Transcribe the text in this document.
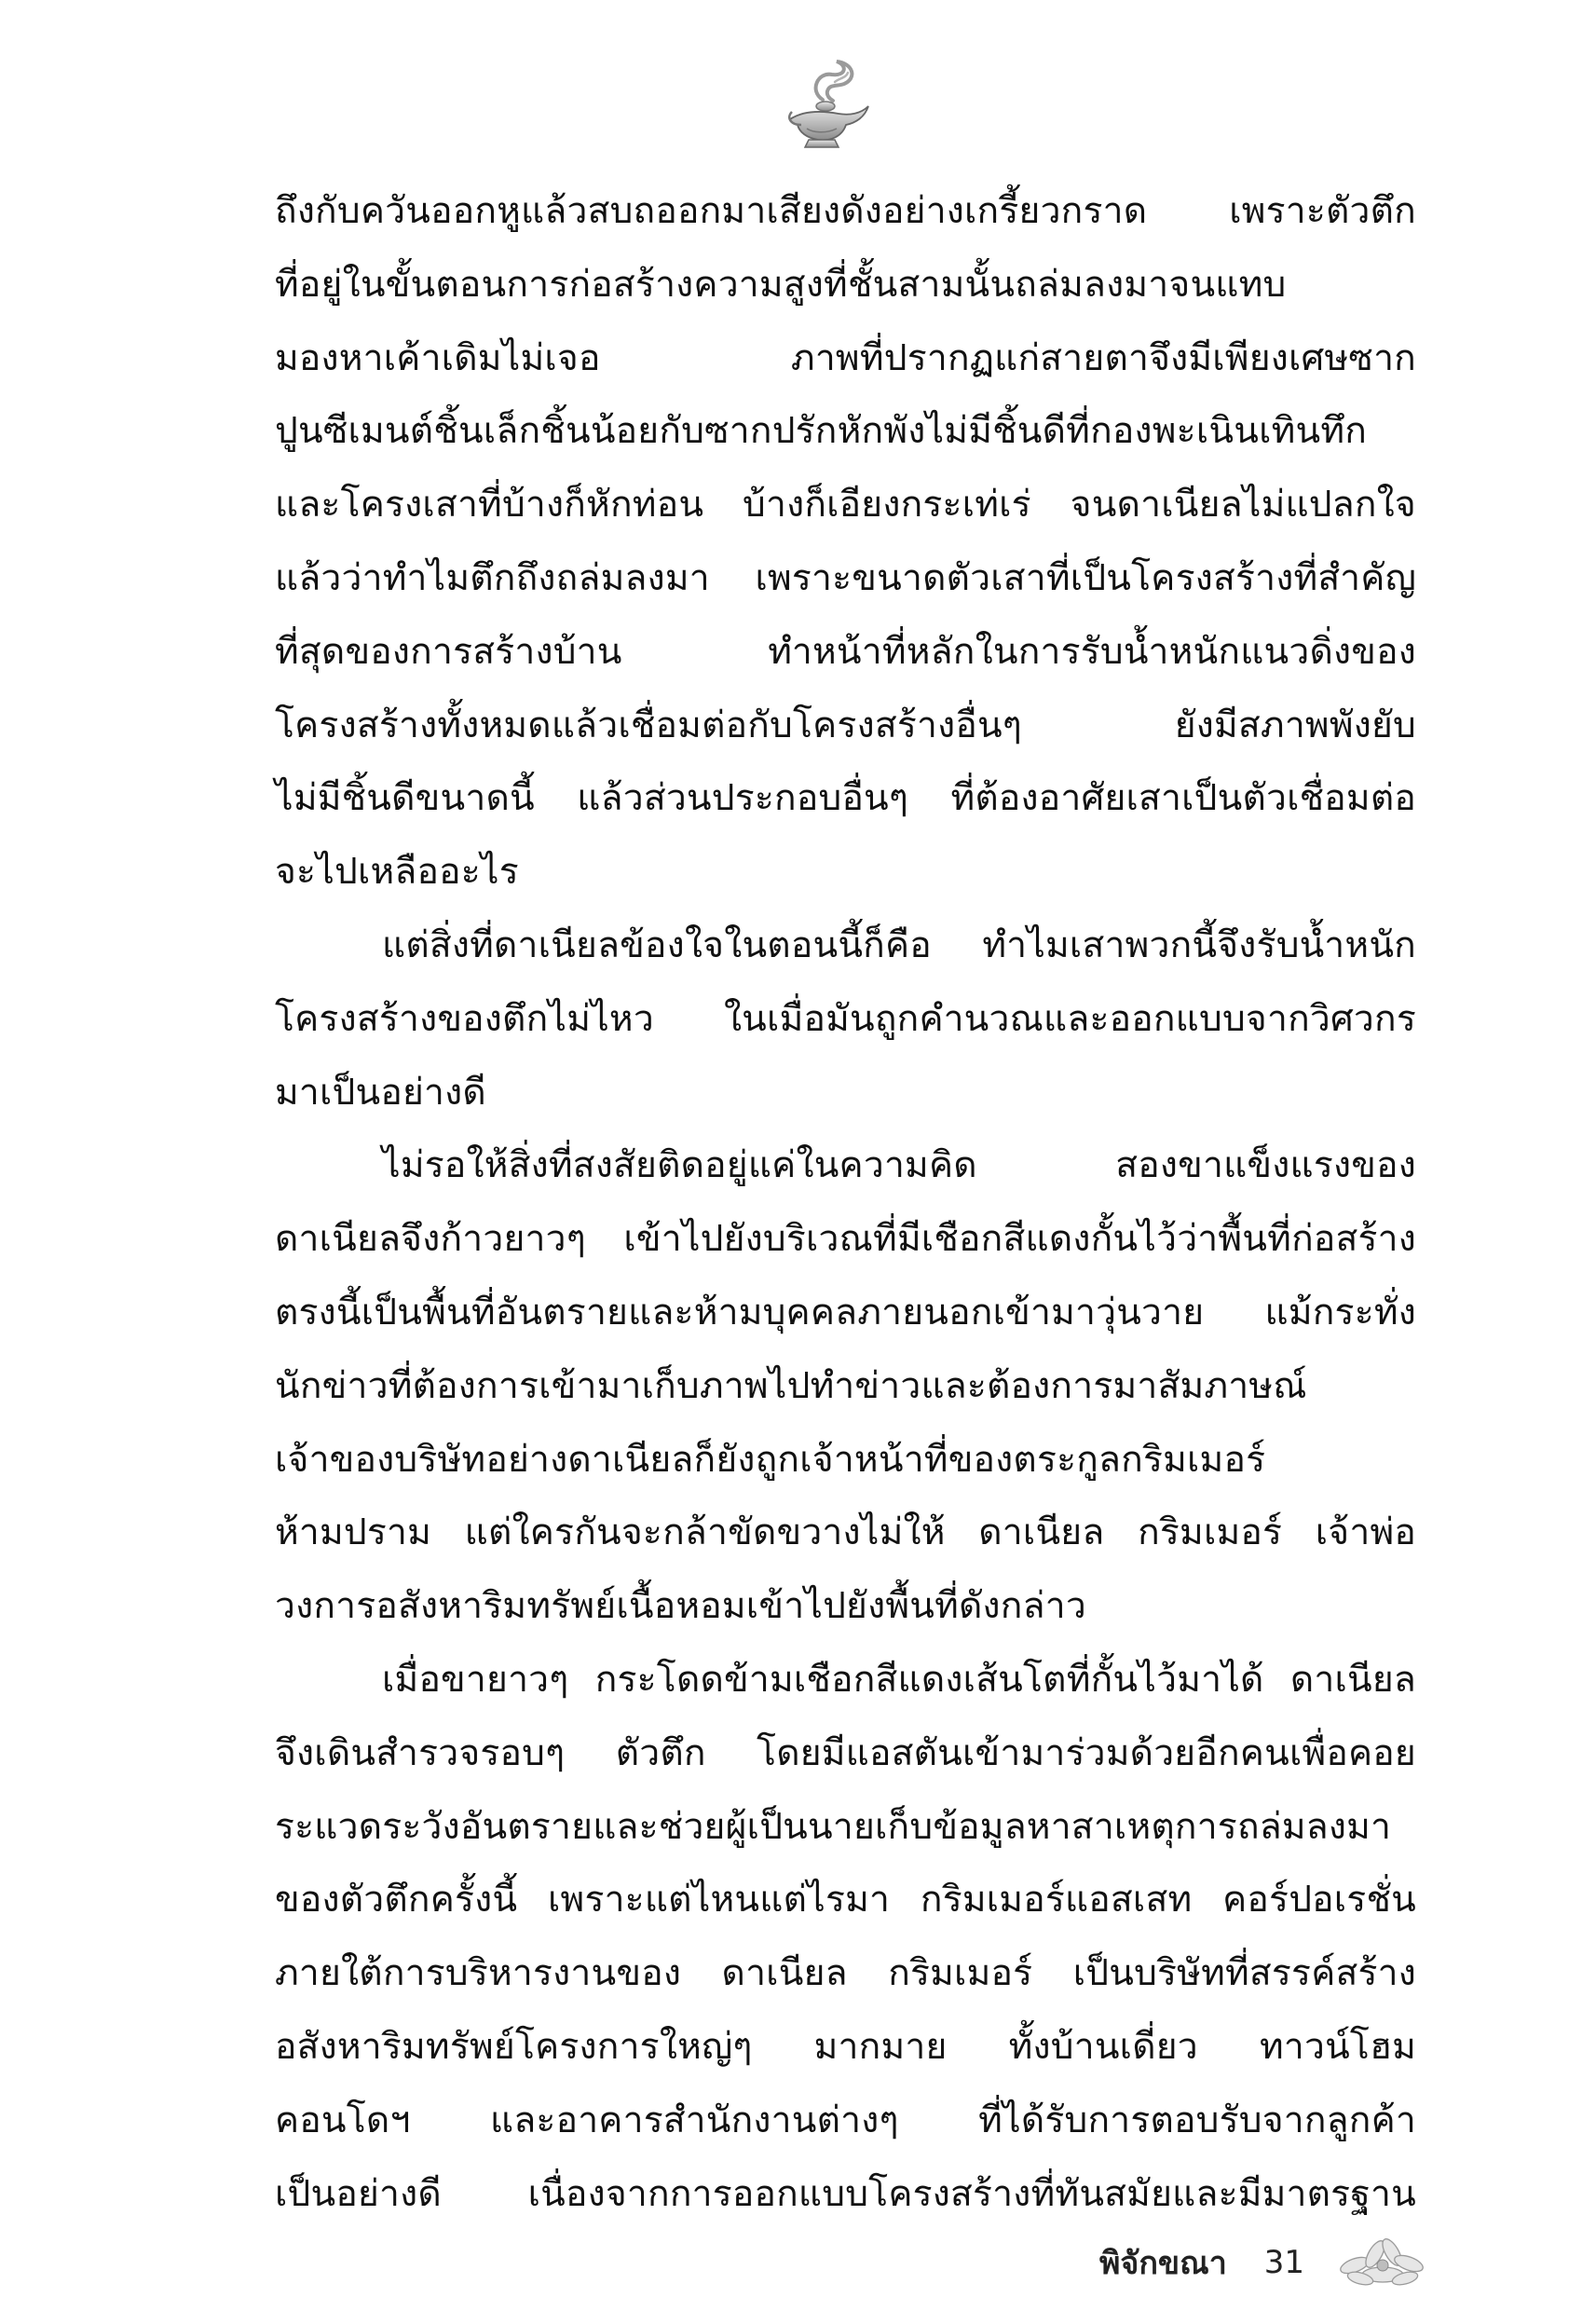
ถึงกับควันออกหูแล้วสบถออกมาเสียงดังอย่างเกรี้ยวกราด เพราะตัวตึก
ที่อยู่ในขั้นตอนการก่อสร้างความสูงที่ชั้นสามนั้นถล่มลงมาจนแทบ
มองหาเค้าเดิมไม่เจอ	ภาพที่ปรากฏแก่สายตาจึงมีเพียงเศษซาก
ปูนซีเมนต์ชิ้นเล็กชิ้นน้อยกับซากปรักหักพังไม่มีชิ้นดีที่กองพะเนินเทินทึก
และโครงเสาที่บ้างก็หักท่อน บ้างก็เอียงกระเท่เร่ จนดาเนียลไม่แปลกใจ
แล้วว่าทำไมตึกถึงถล่มลงมา เพราะขนาดตัวเสาที่เป็นโครงสร้างที่สำคัญ
ที่สุดของการสร้างบ้าน	ทำหน้าที่หลักในการรับน้ำหนักแนวดิ่งของ
โครงสร้างทั้งหมดแล้วเชื่อมต่อกับโครงสร้างอื่นๆ	ยังมีสภาพพังยับ
ไม่มีชิ้นดีขนาดนี้ แล้วส่วนประกอบอื่นๆ ที่ต้องอาศัยเสาเป็นตัวเชื่อมต่อ
จะไปเหลืออะไร
แต่สิ่งที่ดาเนียลข้องใจในตอนนี้ก็คือ ทำไมเสาพวกนี้จึงรับน้ำหนัก
โครงสร้างของตึกไม่ไหว ในเมื่อมันถูกคำนวณและออกแบบจากวิศวกร
มาเป็นอย่างดี
ไม่รอให้สิ่งที่สงสัยติดอยู่แค่ในความคิด	สองขาแข็งแรงของ
ดาเนียลจึงก้าวยาวๆ เข้าไปยังบริเวณที่มีเชือกสีแดงกั้นไว้ว่าพื้นที่ก่อสร้าง
ตรงนี้เป็นพื้นที่อันตรายและห้ามบุคคลภายนอกเข้ามาวุ่นวาย แม้กระทั่ง
นักข่าวที่ต้องการเข้ามาเก็บภาพไปทำข่าวและต้องการมาสัมภาษณ์
เจ้าของบริษัทอย่างดาเนียลก็ยังถูกเจ้าหน้าที่ของตระกูลกริมเมอร์
ห้ามปราม แต่ใครกันจะกล้าขัดขวางไม่ให้ ดาเนียล กริมเมอร์ เจ้าพ่อ
วงการอสังหาริมทรัพย์เนื้อหอมเข้าไปยังพื้นที่ดังกล่าว
เมื่อขายาวๆ กระโดดข้ามเชือกสีแดงเส้นโตที่กั้นไว้มาได้ ดาเนียล
จึงเดินสำรวจรอบๆ ตัวตึก โดยมีแอสตันเข้ามาร่วมด้วยอีกคนเพื่อคอย
ระแวดระวังอันตรายและช่วยผู้เป็นนายเก็บข้อมูลหาสาเหตุการถล่มลงมา
ของตัวตึกครั้งนี้ เพราะแต่ไหนแต่ไรมา กริมเมอร์แอสเสท คอร์ปอเรชั่น
ภายใต้การบริหารงานของ ดาเนียล กริมเมอร์ เป็นบริษัทที่สรรค์สร้าง
อสังหาริมทรัพย์โครงการใหญ่ๆ มากมาย ทั้งบ้านเดี่ยว ทาวน์โฮม
คอนโดฯ และอาคารสำนักงานต่างๆ ที่ได้รับการตอบรับจากลูกค้า
เป็นอย่างดี เนื่องจากการออกแบบโครงสร้างที่ทันสมัยและมีมาตรฐาน
พิจักขณา 31
